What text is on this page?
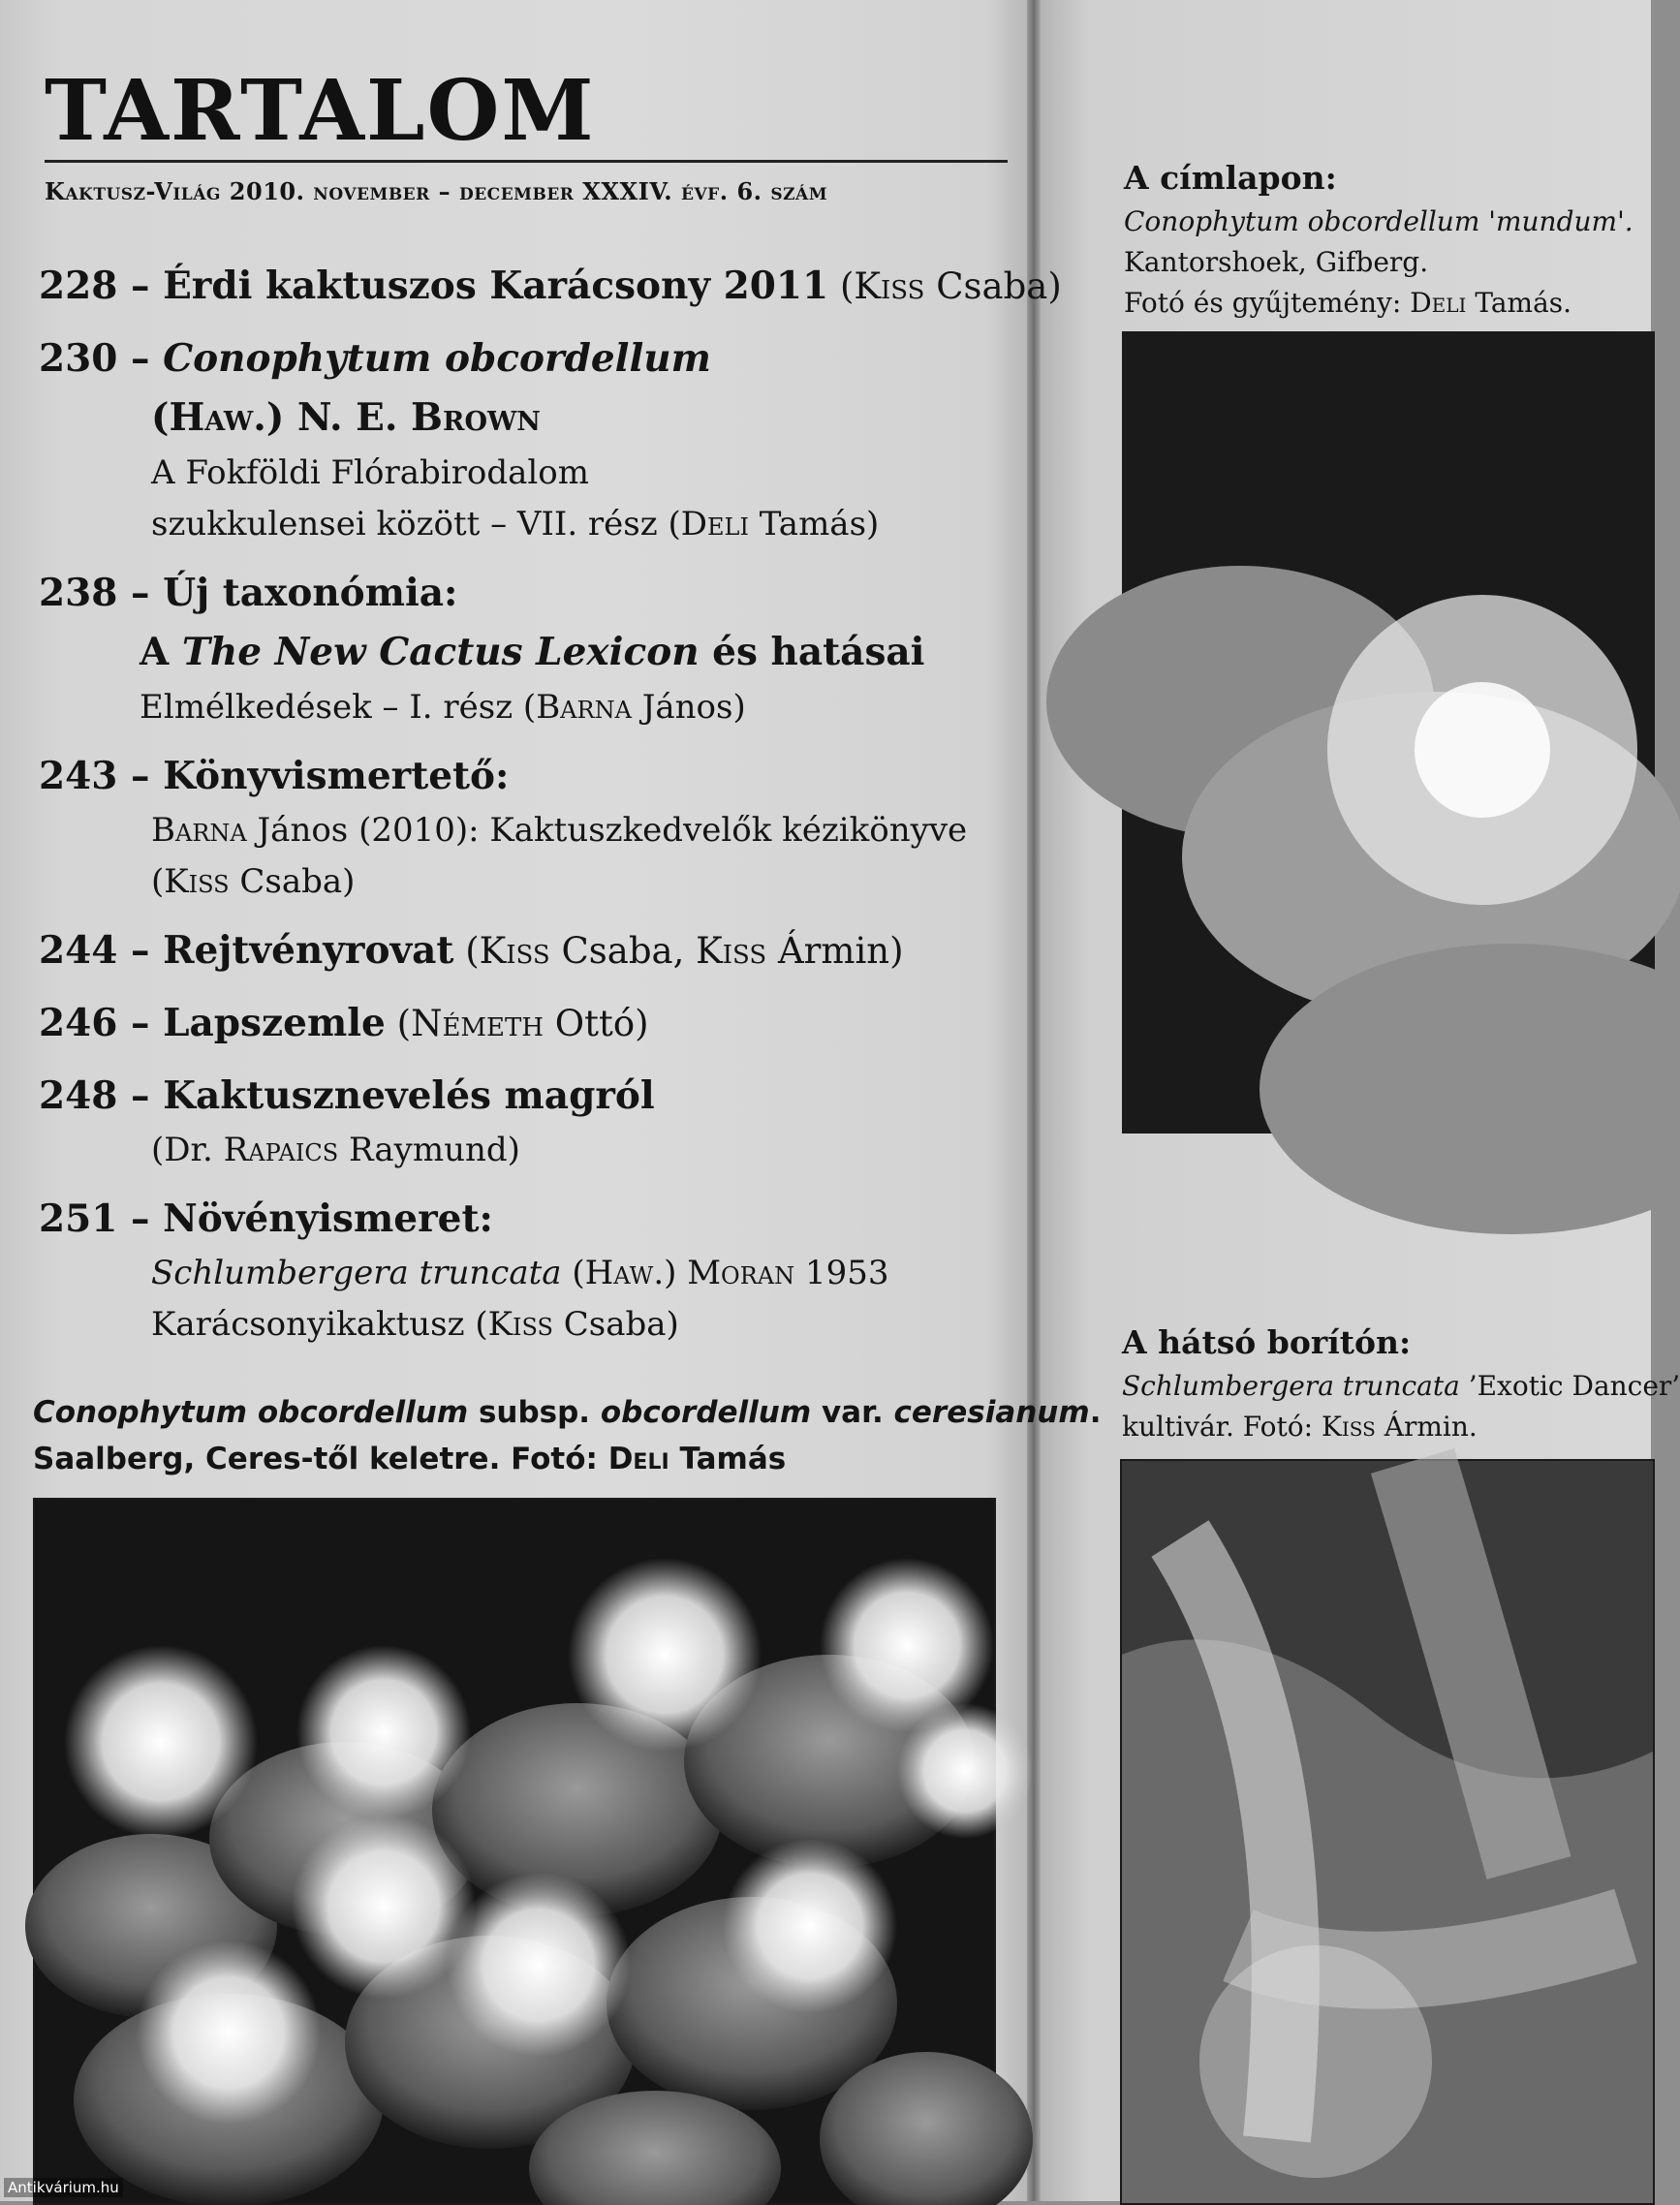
TARTALOM
Kaktusz-Világ 2010. november – december XXXIV. évf. 6. szám
228 – Érdi kaktuszos Karácsony 2011 (Kiss Csaba)
230 – Conophytum obcordellum
(Haw.) N. E. Brown
A Fokföldi Flórabirodalom
szukkulensei között – VII. rész (Deli Tamás)
238 – Új taxonómia:
A The New Cactus Lexicon és hatásai
Elmélkedések – I. rész (Barna János)
243 – Könyvismertető:
Barna János (2010): Kaktuszkedvelők kézikönyve
(Kiss Csaba)
244 – Rejtvényrovat (Kiss Csaba, Kiss Ármin)
246 – Lapszemle (Németh Ottó)
248 – Kaktusznevelés magról
(Dr. Rapaics Raymund)
251 – Növényismeret:
Schlumbergera truncata (Haw.) Moran 1953
Karácsonyikaktusz (Kiss Csaba)
Conophytum obcordellum subsp. obcordellum var. ceresianum.
Saalberg, Ceres-től keletre. Fotó: Deli Tamás
A címlapon:
Conophytum obcordellum 'mundum'.
Kantorshoek, Gifberg.
Fotó és gyűjtemény: Deli Tamás.
A hátsó borítón:
Schlumbergera truncata ’Exotic Dancer’
kultivár. Fotó: Kiss Ármin.
Antikvárium.hu
